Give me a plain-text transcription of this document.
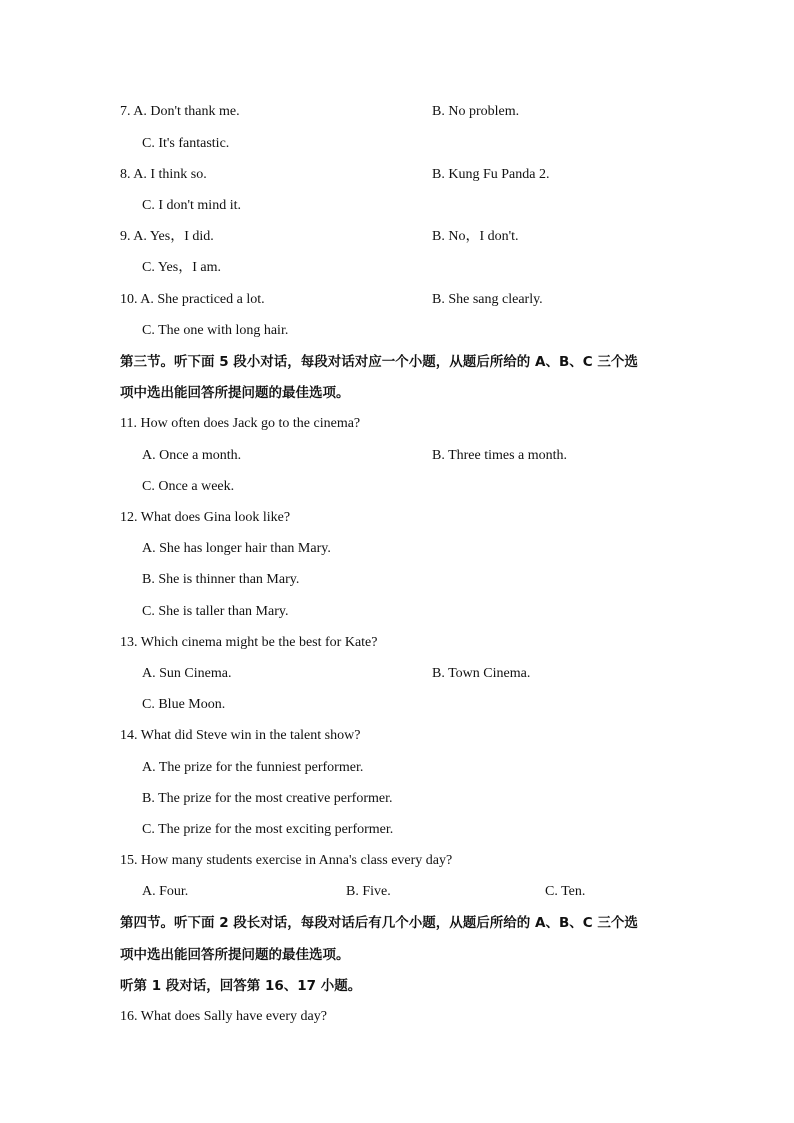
7. A. Don't thank me.	B. No problem.
C. It's fantastic.
8. A. I think so.	B. Kung Fu Panda 2.
C. I don't mind it.
9. A. Yes，I did.	B. No，I don't.
C. Yes，I am.
10. A. She practiced a lot.	B. She sang clearly.
C. The one with long hair.
第三节。听下面 5 段小对话，每段对话对应一个小题，从题后所给的 A、B、C 三个选
项中选出能回答所提问题的最佳选项。
11. How often does Jack go to the cinema?
A. Once a month.	B. Three times a month.
C. Once a week.
12. What does Gina look like?
A. She has longer hair than Mary.
B. She is thinner than Mary.
C. She is taller than Mary.
13. Which cinema might be the best for Kate?
A. Sun Cinema.	B. Town Cinema.
C. Blue Moon.
14. What did Steve win in the talent show?
A. The prize for the funniest performer.
B. The prize for the most creative performer.
C. The prize for the most exciting performer.
15. How many students exercise in Anna's class every day?
A. Four.	B. Five.	C. Ten.
第四节。听下面 2 段长对话，每段对话后有几个小题，从题后所给的 A、B、C 三个选
项中选出能回答所提问题的最佳选项。
听第 1 段对话，回答第 16、17 小题。
16. What does Sally have every day?
